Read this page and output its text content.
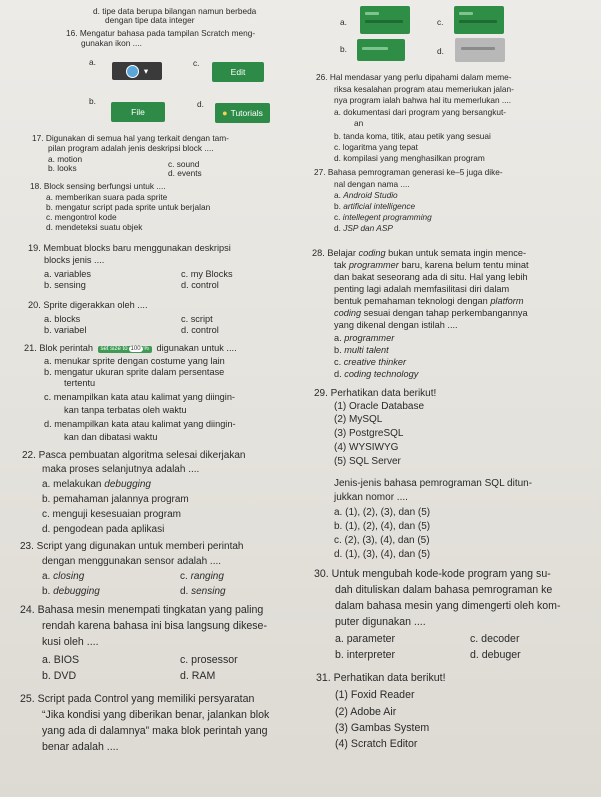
d. tipe data berupa bilangan namun berbeda
dengan tipe data integer
16. Mengatur bahasa pada tampilan Scratch meng-
gunakan ikon ....
a.
▾
c.
Edit
b.
File
d.
● Tutorials
17. Digunakan di semua hal yang terkait dengan tam-
pilan program adalah jenis deskripsi block ....
a. motion
b. looks	c. sound
d. events
18. Block sensing berfungsi untuk ....
a. memberikan suara pada sprite
b. mengatur script pada sprite untuk berjalan
c. mengontrol kode
d. mendeteksi suatu objek
19. Membuat blocks baru menggunakan deskripsi
blocks jenis ....
a. variables
b. sensing
c. my Blocks
d. control
20. Sprite digerakkan oleh ....
a. blocks
b. variabel
c. script
d. control
21. Blok perintah set size to 100 % digunakan untuk ....
a. menukar sprite dengan costume yang lain
b. mengatur ukuran sprite dalam persentase
tertentu
c. menampilkan kata atau kalimat yang diingin-
kan tanpa terbatas oleh waktu
d. menampilkan kata atau kalimat yang diingin-
kan dan dibatasi waktu
22. Pasca pembuatan algoritma selesai dikerjakan
maka proses selanjutnya adalah ....
a. melakukan debugging
b. pemahaman jalannya program
c. menguji kesesuaian program
d. pengodean pada aplikasi
23. Script yang digunakan untuk memberi perintah
dengan menggunakan sensor adalah ....
a. closing
b. debugging
c. ranging
d. sensing
24. Bahasa mesin menempati tingkatan yang paling
rendah karena bahasa ini bisa langsung dikese-
kusi oleh ....
a. BIOS
b. DVD
c. prosessor
d. RAM
25. Script pada Control yang memiliki persyaratan
“Jika kondisi yang diberikan benar, jalankan blok
yang ada di dalamnya” maka blok perintah yang
benar adalah ....
a.	c.
b.	d.
26. Hal mendasar yang perlu dipahami dalam meme-
riksa kesalahan program atau memeriukan jalan-
nya program ialah bahwa hal itu memerlukan ....
a. dokumentasi dari program yang bersangkut-
an
b. tanda koma, titik, atau petik yang sesuai
c. logaritma yang tepat
d. kompilasi yang menghasilkan program
27. Bahasa pemrograman generasi ke–5 juga dike-
nal dengan nama ....
a. Android Studio
b. artificial intelligence
c. intellegent programming
d. JSP dan ASP
28. Belajar coding bukan untuk semata ingin mence-
tak programmer baru, karena belum tentu minat
dan bakat seseorang ada di situ. Hal yang lebih
penting lagi adalah memfasilitasi diri dalam
bentuk pemahaman teknologi dengan platform
coding sesuai dengan tahap perkembangannya
yang dikenal dengan istilah ....
a. programmer
b. multi talent
c. creative thinker
d. coding technology
29. Perhatikan data berikut!
(1) Oracle Database
(2) MySQL
(3) PostgreSQL
(4) WYSIWYG
(5) SQL Server
Jenis-jenis bahasa pemrograman SQL ditun-
jukkan nomor ....
a. (1), (2), (3), dan (5)
b. (1), (2), (4), dan (5)
c. (2), (3), (4), dan (5)
d. (1), (3), (4), dan (5)
30. Untuk mengubah kode-kode program yang su-
dah dituliskan dalam bahasa pemrograman ke
dalam bahasa mesin yang dimengerti oleh kom-
puter digunakan ....
a. parameter
b. interpreter
c. decoder
d. debuger
31. Perhatikan data berikut!
(1) Foxid Reader
(2) Adobe Air
(3) Gambas System
(4) Scratch Editor
